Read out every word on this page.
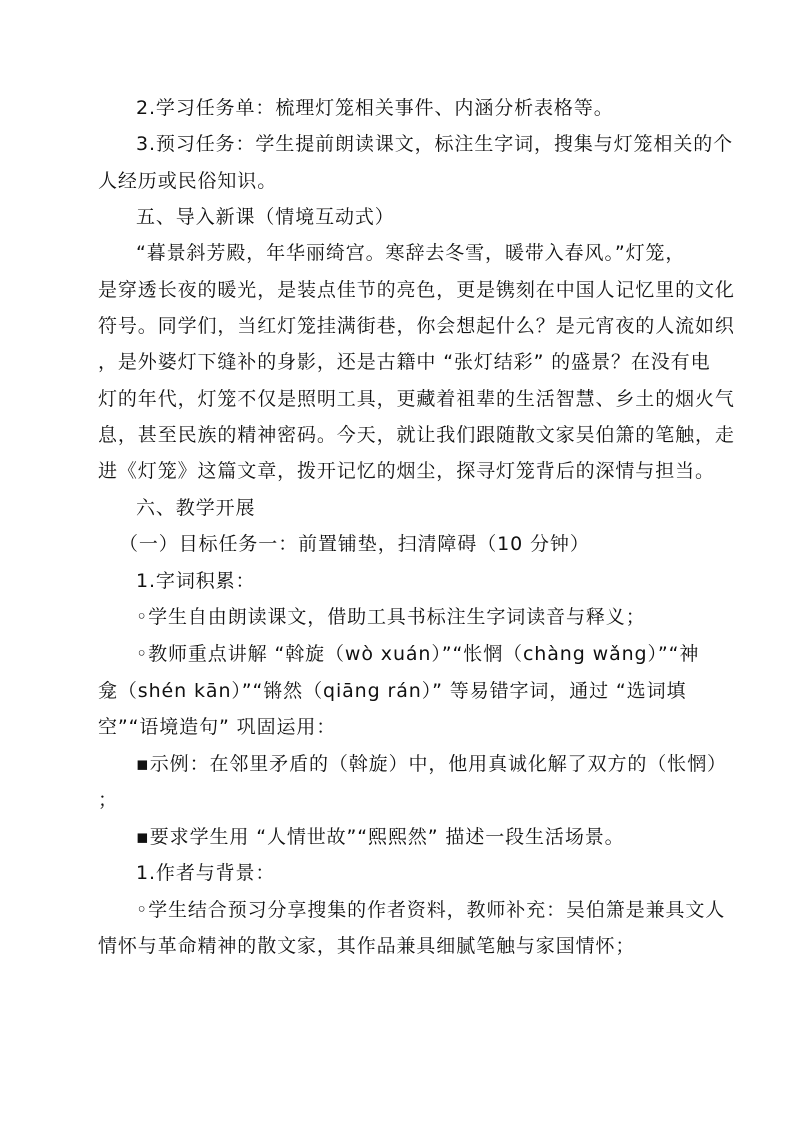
2.学习任务单：梳理灯笼相关事件、内涵分析表格等。
3.预习任务：学生提前朗读课文，标注生字词，搜集与灯笼相关的个
人经历或民俗知识。
五、导入新课（情境互动式）
“暮景斜芳殿，年华丽绮宫。寒辞去冬雪，暖带入春风。”灯笼，
是穿透长夜的暖光，是装点佳节的亮色，更是镌刻在中国人记忆里的文化
符号。同学们，当红灯笼挂满街巷，你会想起什么？是元宵夜的人流如织
，是外婆灯下缝补的身影，还是古籍中 “张灯结彩” 的盛景？在没有电
灯的年代，灯笼不仅是照明工具，更藏着祖辈的生活智慧、乡土的烟火气
息，甚至民族的精神密码。今天，就让我们跟随散文家吴伯箫的笔触，走
进《灯笼》这篇文章，拨开记忆的烟尘，探寻灯笼背后的深情与担当。
六、教学开展
（一）目标任务一：前置铺垫，扫清障碍（10 分钟）
1.字词积累：
◦学生自由朗读课文，借助工具书标注生字词读音与释义；
◦教师重点讲解 “斡旋（wò xuán）”“怅惘（chàng wǎng）”“神
龛（shén kān）”“锵然（qiāng rán）” 等易错字词，通过 “选词填
空”“语境造句” 巩固运用：
▪示例：在邻里矛盾的（斡旋）中，他用真诚化解了双方的（怅惘）
；
▪要求学生用 “人情世故”“熙熙然” 描述一段生活场景。
1.作者与背景：
◦学生结合预习分享搜集的作者资料，教师补充：吴伯箫是兼具文人
情怀与革命精神的散文家，其作品兼具细腻笔触与家国情怀；
